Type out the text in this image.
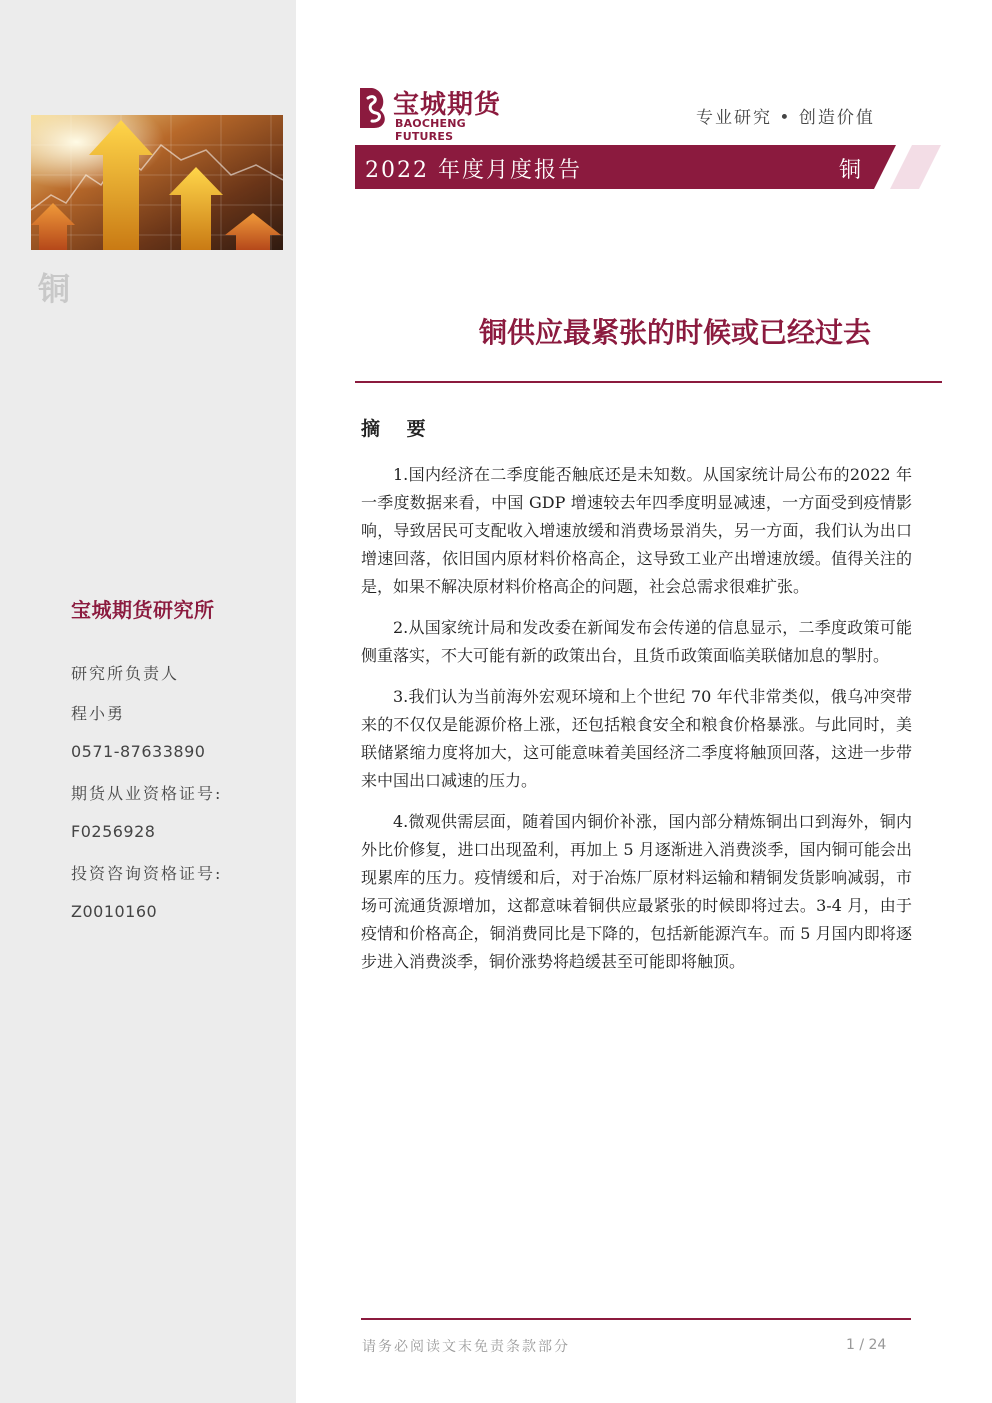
铜
宝城期货研究所
研究所负责人
程小勇
0571-87633890
期货从业资格证号:
F0256928
投资咨询资格证号:
Z0010160
宝城期货
BAOCHENG FUTURES
专业研究 • 创造价值
2022 年度月度报告	铜
铜供应最紧张的时候或已经过去
摘 要

1.国内经济在二季度能否触底还是未知数。从国家统计局公布的2022 年一季度数据来看，中国 GDP 增速较去年四季度明显减速，一方面受到疫情影响，导致居民可支配收入增速放缓和消费场景消失，另一方面，我们认为出口增速回落，依旧国内原材料价格高企，这导致工业产出增速放缓。值得关注的是，如果不解决原材料价格高企的问题，社会总需求很难扩张。

2.从国家统计局和发改委在新闻发布会传递的信息显示，二季度政策可能侧重落实，不大可能有新的政策出台，且货币政策面临美联储加息的掣肘。

3.我们认为当前海外宏观环境和上个世纪 70 年代非常类似，俄乌冲突带来的不仅仅是能源价格上涨，还包括粮食安全和粮食价格暴涨。与此同时，美联储紧缩力度将加大，这可能意味着美国经济二季度将触顶回落，这进一步带来中国出口减速的压力。

4.微观供需层面，随着国内铜价补涨，国内部分精炼铜出口到海外，铜内外比价修复，进口出现盈利，再加上 5 月逐渐进入消费淡季，国内铜可能会出现累库的压力。疫情缓和后，对于冶炼厂原材料运输和精铜发货影响减弱，市场可流通货源增加，这都意味着铜供应最紧张的时候即将过去。3-4 月，由于疫情和价格高企，铜消费同比是下降的，包括新能源汽车。而 5 月国内即将逐步进入消费淡季，铜价涨势将趋缓甚至可能即将触顶。

请务必阅读文末免责条款部分	1 / 24
